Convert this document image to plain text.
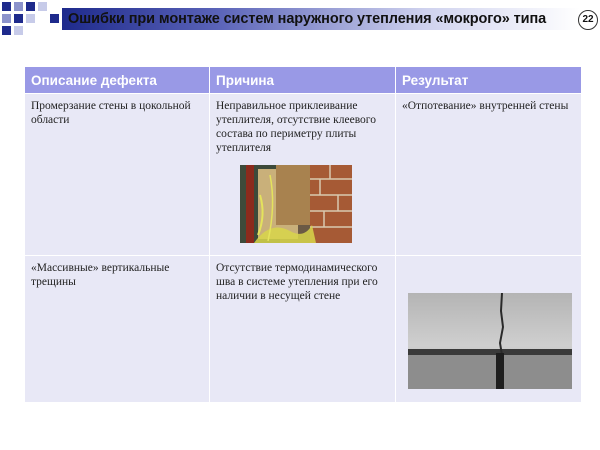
Ошибки при монтаже систем наружного утепления «мокрого» типа	22
Описание дефекта	Причина	Результат

Промерзание стены в цокольной области	Неправильное приклеивание утеплителя, отсутствие клеевого состава по периметру плиты утеплителя	«Отпотевание» внутренней стены

«Массивные» вертикальные трещины	Отсутствие термодинамического шва в системе утепления при его наличии в несущей стене
